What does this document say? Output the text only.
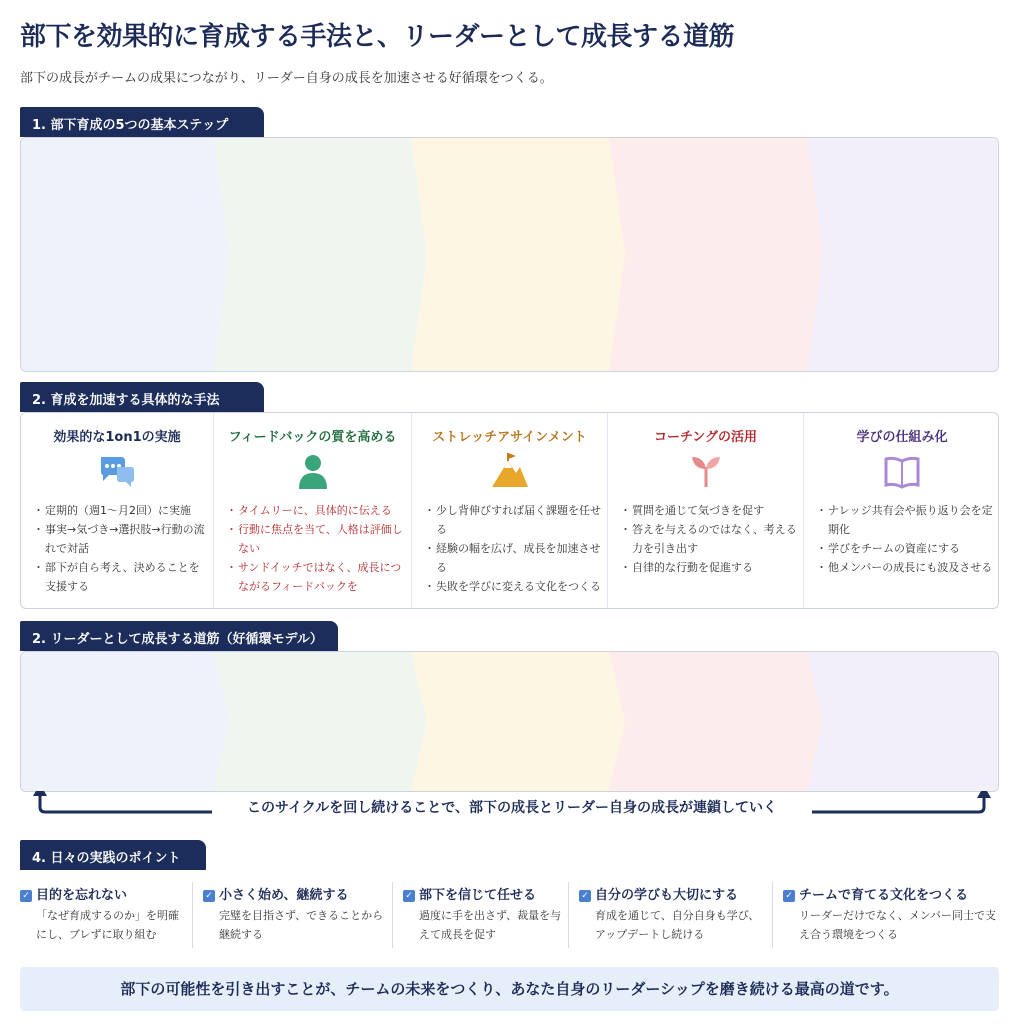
部下を効果的に育成する手法と、リーダーとして成長する道筋
部下の成長がチームの成果につながり、リーダー自身の成長を加速させる好循環をつくる。
1. 部下育成の5つの基本ステップ
・
・
・
・
・
・
・
・
・
・
・
・
・
・
・
2. 育成を加速する具体的な手法
効果的な1on1の実施
・ 定期的（週1〜月2回）に実施
・ 事実→気づき→選択肢→行動の流れで対話
・ 部下が自ら考え、決めることを支援する
フィードバックの質を高める
・ タイムリーに、具体的に伝える
・ 行動に焦点を当て、人格は評価しない
・ サンドイッチではなく、成長につながるフィードバックを
ストレッチアサインメント
・ 少し背伸びすれば届く課題を任せる
・ 経験の幅を広げ、成長を加速させる
・ 失敗を学びに変える文化をつくる
コーチングの活用
・ 質問を通じて気づきを促す
・ 答えを与えるのではなく、考える力を引き出す
・ 自律的な行動を促進する
学びの仕組み化
・ ナレッジ共有会や振り返り会を定期化
・ 学びをチームの資産にする
・ 他メンバーの成長にも波及させる
2. リーダーとして成長する道筋（好循環モデル）
・
・
・
・
・
・
・
・
・
・
・
・
・
・
・
このサイクルを回し続けることで、部下の成長とリーダー自身の成長が連鎖していく
4. 日々の実践のポイント
✓ 目的を忘れない
「なぜ育成するのか」を明確にし、ブレずに取り組む
✓ 小さく始め、継続する
完璧を目指さず、できることから継続する
✓ 部下を信じて任せる
過度に手を出さず、裁量を与えて成長を促す
✓ 自分の学びも大切にする
育成を通じて、自分自身も学び、アップデートし続ける
✓ チームで育てる文化をつくる
リーダーだけでなく、メンバー同士で支え合う環境をつくる
部下の可能性を引き出すことが、チームの未来をつくり、あなた自身のリーダーシップを磨き続ける最高の道です。
